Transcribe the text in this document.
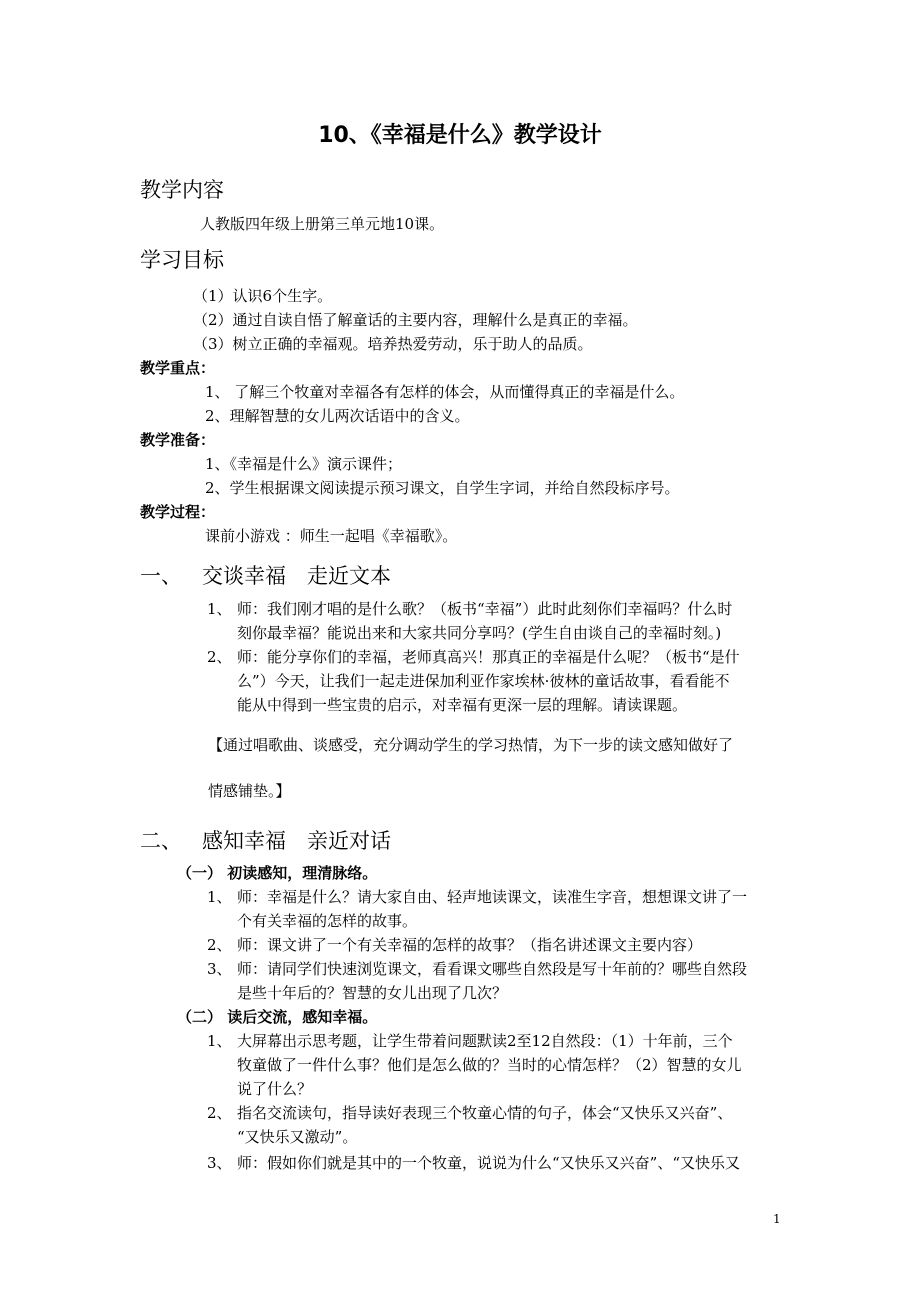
10、《幸福是什么》教学设计
教学内容
人教版四年级上册第三单元地10课。
学习目标
（1）认识6个生字。
（2）通过自读自悟了解童话的主要内容，理解什么是真正的幸福。
（3）树立正确的幸福观。培养热爱劳动，乐于助人的品质。
教学重点：
1、 了解三个牧童对幸福各有怎样的体会，从而懂得真正的幸福是什么。
2、理解智慧的女儿两次话语中的含义。
教学准备：
1、《幸福是什么》演示课件；
2、学生根据课文阅读提示预习课文，自学生字词，并给自然段标序号。
教学过程：
课前小游戏 ：师生一起唱《幸福歌》。
一、 交谈幸福　走近文本
1、 师：我们刚才唱的是什么歌？（板书“幸福”）此时此刻你们幸福吗？什么时
刻你最幸福？能说出来和大家共同分享吗？(学生自由谈自己的幸福时刻。)
2、 师：能分享你们的幸福，老师真高兴！那真正的幸福是什么呢？（板书“是什
么”）今天，让我们一起走进保加利亚作家埃林·彼林的童话故事，看看能不
能从中得到一些宝贵的启示，对幸福有更深一层的理解。请读课题。
【通过唱歌曲、谈感受，充分调动学生的学习热情，为下一步的读文感知做好了
情感铺垫。】
二、 感知幸福　亲近对话
（一） 初读感知，理清脉络。
1、 师：幸福是什么？请大家自由、轻声地读课文，读准生字音，想想课文讲了一
个有关幸福的怎样的故事。
2、 师：课文讲了一个有关幸福的怎样的故事？（指名讲述课文主要内容）
3、 师：请同学们快速浏览课文，看看课文哪些自然段是写十年前的？哪些自然段
是些十年后的？智慧的女儿出现了几次？
（二） 读后交流，感知幸福。
1、 大屏幕出示思考题，让学生带着问题默读2至12自然段：（1）十年前，三个
牧童做了一件什么事？他们是怎么做的？当时的心情怎样？（2）智慧的女儿
说了什么？
2、 指名交流读句，指导读好表现三个牧童心情的句子，体会“又快乐又兴奋”、
“又快乐又激动”。
3、 师：假如你们就是其中的一个牧童，说说为什么“又快乐又兴奋”、“又快乐又
1
